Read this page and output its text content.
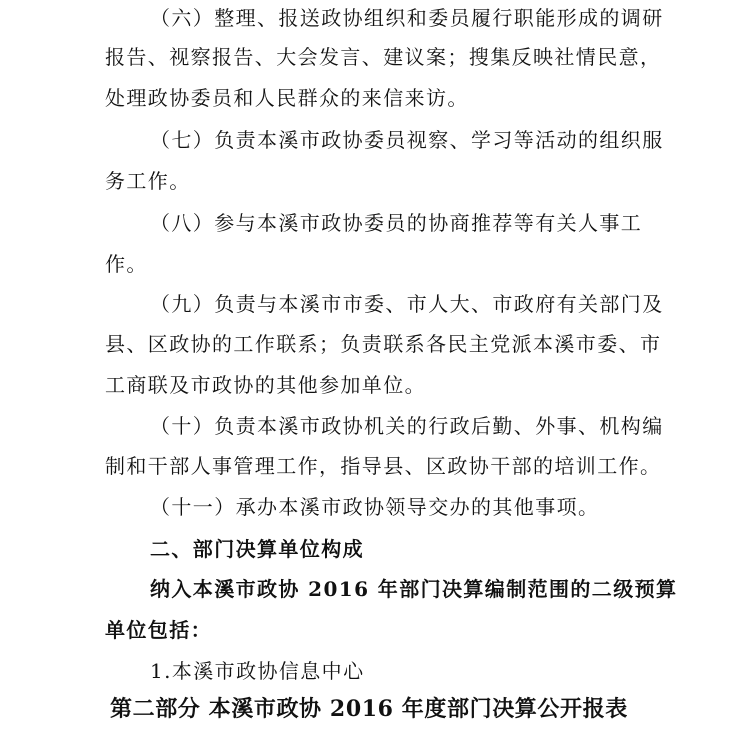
（六）整理、报送政协组织和委员履行职能形成的调研
报告、视察报告、大会发言、建议案；搜集反映社情民意，
处理政协委员和人民群众的来信来访。
（七）负责本溪市政协委员视察、学习等活动的组织服
务工作。
（八）参与本溪市政协委员的协商推荐等有关人事工
作。
（九）负责与本溪市市委、市人大、市政府有关部门及
县、区政协的工作联系；负责联系各民主党派本溪市委、市
工商联及市政协的其他参加单位。
（十）负责本溪市政协机关的行政后勤、外事、机构编
制和干部人事管理工作，指导县、区政协干部的培训工作。
（十一）承办本溪市政协领导交办的其他事项。
二、部门决算单位构成
纳入本溪市政协 2016 年部门决算编制范围的二级预算
单位包括：
1.本溪市政协信息中心
第二部分 本溪市政协 2016 年度部门决算公开报表
